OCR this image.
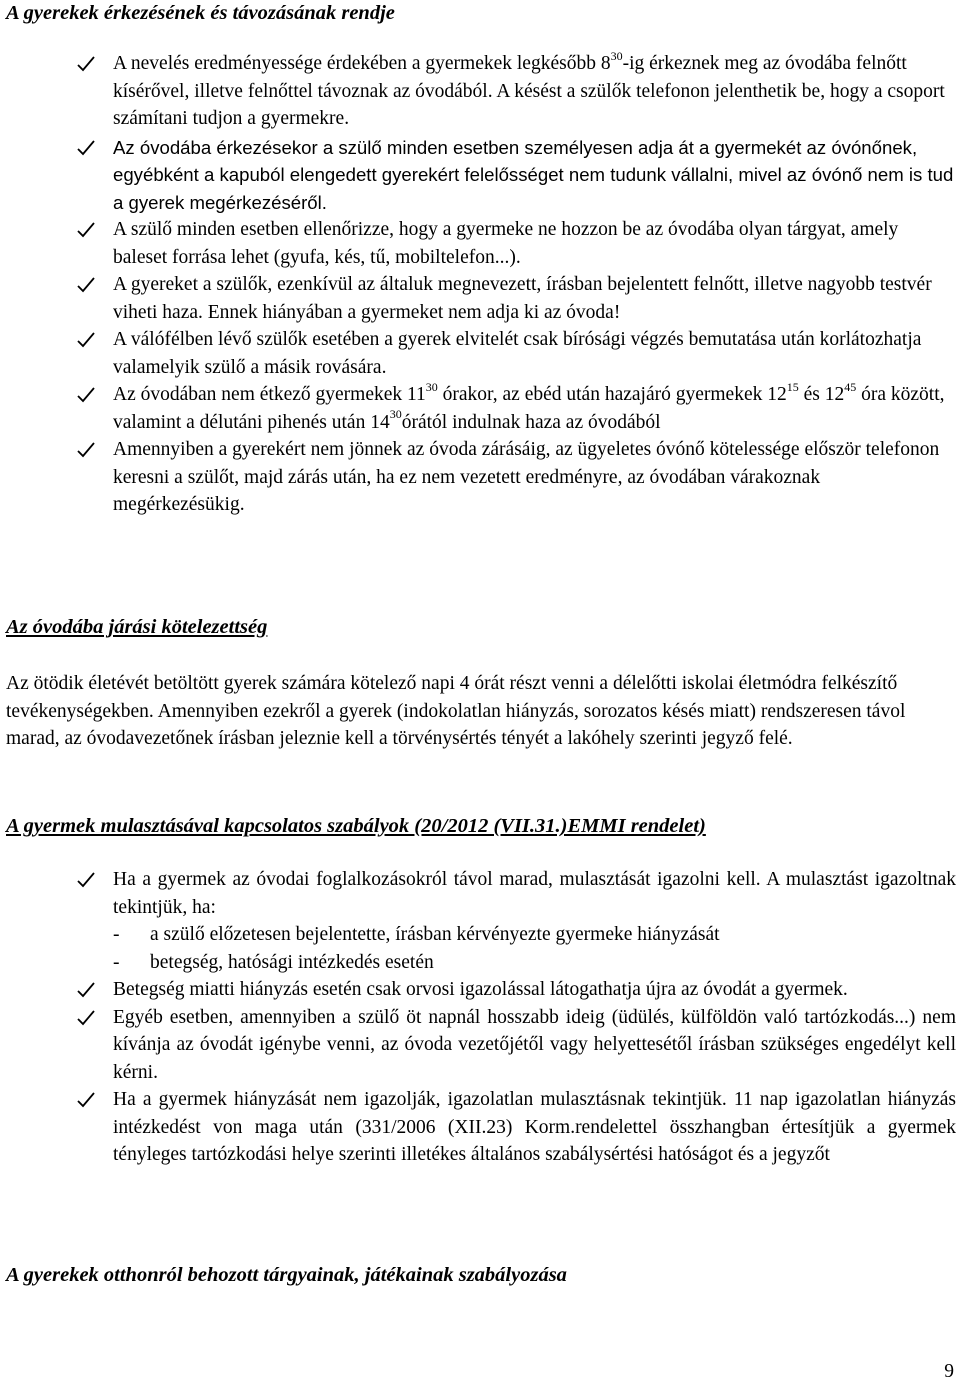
A gyerekek érkezésének és távozásának rendje
A nevelés eredményessége érdekében a gyermekek legkésőbb $8^{30}-ig$ érkeznek meg az óvodába felnőtt kísérővel, illetve felnőttel távoznak az óvodából. A késést a szülők telefonon jelenthetik be, hogy a csoport számítani tudjon a gyermekre.
Az óvodába érkezésekor a szülő minden esetben személyesen adja át a gyermekét az óvónőnek, egyébként a kapuból elengedett gyerekért felelősséget nem tudunk vállalni, mivel az óvónő nem is tud a gyerek megérkezéséről.
A szülő minden esetben ellenőrizze, hogy a gyermeke ne hozzon be az óvodába olyan tárgyat, amely baleset forrása lehet (gyufa, kés, tű, mobiltelefon...).
A gyereket a szülők, ezenkívül az általuk megnevezett, írásban bejelentett felnőtt, illetve nagyobb testvér viheti haza. Ennek hiányában a gyermeket nem adja ki az óvoda!
A válófélben lévő szülők esetében a gyerek elvitelét csak bírósági végzés bemutatása után korlátozhatja valamelyik szülő a másik rovására.
Az óvodában nem étkező gyermekek $11^{30}$ órakor, az ebéd után hazajáró gyermekek $12^{15}$ és $12^{45}$ óra között, valamint a délutáni pihenés után $14^{30}órától$ indulnak haza az óvodából
Amennyiben a gyerekért nem jönnek az óvoda zárásáig, az ügyeletes óvónő kötelessége először telefonon keresni a szülőt, majd zárás után, ha ez nem vezetett eredményre, az óvodában várakoznak megérkezésükig.
Az óvodába járási kötelezettség

Az ötödik életévét betöltött gyerek számára kötelező napi 4 órát részt venni a délelőtti iskolai életmódra felkészítő tevékenységekben. Amennyiben ezekről a gyerek (indokolatlan hiányzás, sorozatos késés miatt) rendszeresen távol marad, az óvodavezetőnek írásban jeleznie kell a törvénysértés tényét a lakóhely szerinti jegyző felé.

A gyermek mulasztásával kapcsolatos szabályok (20/2012 (VII.31.)EMMI rendelet)
Ha a gyermek az óvodai foglalkozásokról távol marad, mulasztását igazolni kell. A mulasztást igazoltnak tekintjük, ha:
- a szülő előzetesen bejelentette, írásban kérvényezte gyermeke hiányzását
- betegség, hatósági intézkedés esetén
Betegség miatti hiányzás esetén csak orvosi igazolással látogathatja újra az óvodát a gyermek.
Egyéb esetben, amennyiben a szülő öt napnál hosszabb ideig (üdülés, külföldön való tartózkodás...) nem kívánja az óvodát igénybe venni, az óvoda vezetőjétől vagy helyettesétől írásban szükséges engedélyt kell kérni.
Ha a gyermek hiányzását nem igazolják, igazolatlan mulasztásnak tekintjük. 11 nap igazolatlan hiányzás intézkedést von maga után (331/2006 (XII.23) Korm.rendelettel összhangban értesítjük a gyermek tényleges tartózkodási helye szerinti illetékes általános szabálysértési hatóságot és a jegyzőt
A gyerekek otthonról behozott tárgyainak, játékainak szabályozása
9
